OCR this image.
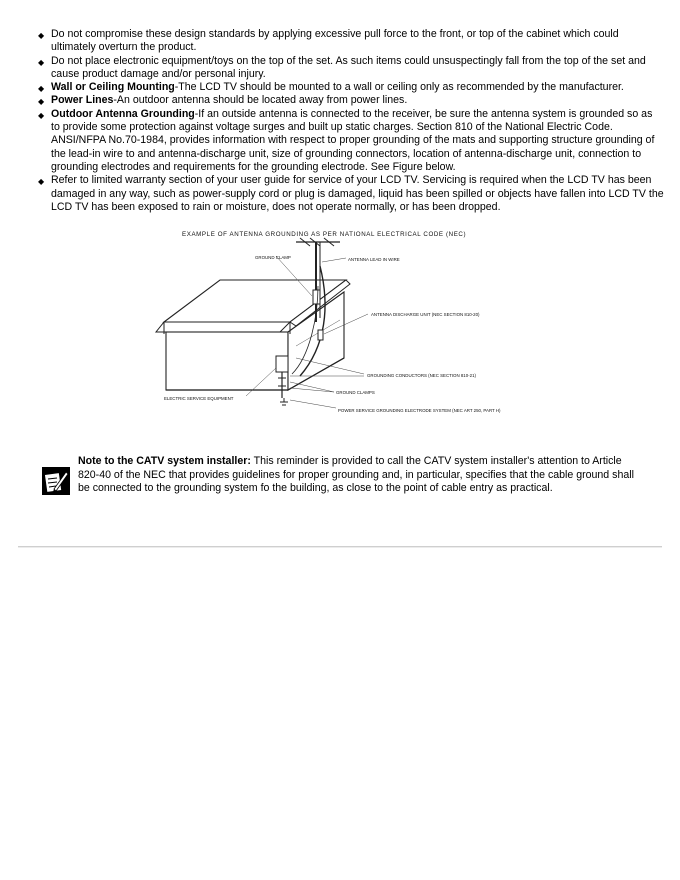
◆ Do not compromise these design standards by applying excessive pull force to the front, or top of the cabinet which could ultimately overturn the product.
◆ Do not place electronic equipment/toys on the top of the set. As such items could unsuspectingly fall from the top of the set and cause product damage and/or personal injury.
◆ Wall or Ceiling Mounting-The LCD TV should be mounted to a wall or ceiling only as recommended by the manufacturer.
◆ Power Lines-An outdoor antenna should be located away from power lines.
◆ Outdoor Antenna Grounding-If an outside antenna is connected to the receiver, be sure the antenna system is grounded so as to provide some protection against voltage surges and built up static charges. Section 810 of the National Electric Code. ANSI/NFPA No.70-1984, provides information with respect to proper grounding of the mats and supporting structure grounding of the lead-in wire to and antenna-discharge unit, size of grounding connectors, location of antenna-discharge unit, connection to grounding electrodes and requirements for the grounding electrode. See Figure below.
◆ Refer to limited warranty section of your user guide for service of your LCD TV. Servicing is required when the LCD TV has been damaged in any way, such as power-supply cord or plug is damaged, liquid has been spilled or objects have fallen into LCD TV the LCD TV has been exposed to rain or moisture, does not operate normally, or has been dropped.
EXAMPLE OF ANTENNA GROUNDING AS PER NATIONAL ELECTRICAL CODE (NEC)
GROUND CLAMP	ANTENNA LEAD IN WIRE
ANTENNA DISCHARGE UNIT (NEC SECTION 810-20)
GROUNDING CONDUCTORS (NEC SECTION 810-21)
GROUND CLAMPS
ELECTRIC SERVICE EQUIPMENT
POWER SERVICE GROUNDING ELECTRODE SYSTEM (NEC ART 250, PART H)
Note to the CATV system installer: This reminder is provided to call the CATV system installer's attention to Article 820-40 of the NEC that provides guidelines for proper grounding and, in particular, specifies that the cable ground shall be connected to the grounding system fo the building, as close to the point of cable entry as practical.
